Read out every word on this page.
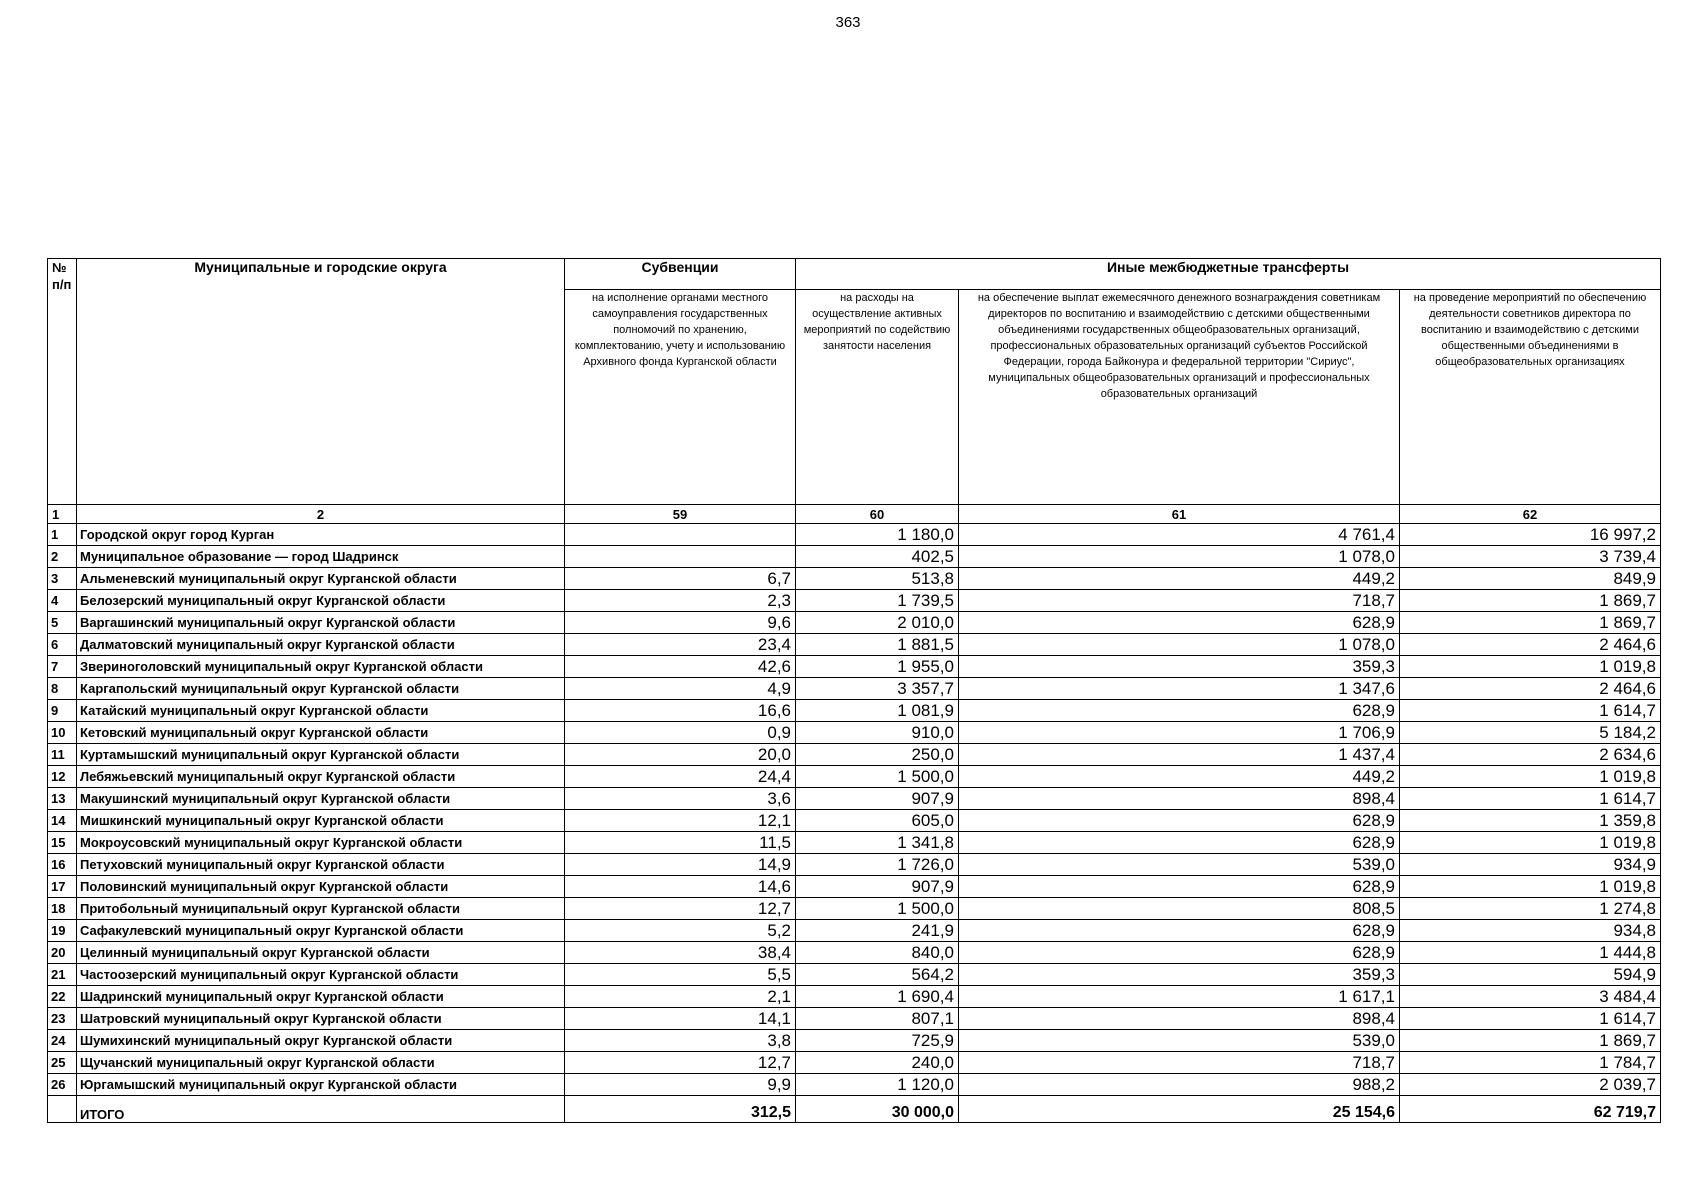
363
№ п/п	Муниципальные и городские округа	Субвенции	Иные межбюджетные трансферты		
		на исполнение органами местного самоуправления государственных полномочий по хранению, комплектованию, учету и использованию Архивного фонда Курганской области	на расходы на осуществление активных мероприятий по содействию занятости населения	на обеспечение выплат ежемесячного денежного вознаграждения советникам директоров по воспитанию и взаимодействию с детскими общественными объединениями государственных общеобразовательных организаций, профессиональных образовательных организаций субъектов Российской Федерации, города Байконура и федеральной территории "Сириус", муниципальных общеобразовательных организаций и профессиональных образовательных организаций	на проведение мероприятий по обеспечению деятельности советников директора по воспитанию и взаимодействию с детскими общественными объединениями в общеобразовательных организациях
1	2	59	60	61	62
1	Городской округ город Курган		1 180,0	4 761,4	16 997,2
2	Муниципальное образование — город Шадринск		402,5	1 078,0	3 739,4
3	Альменевский муниципальный округ Курганской области	6,7	513,8	449,2	849,9
4	Белозерский муниципальный округ Курганской области	2,3	1 739,5	718,7	1 869,7
5	Варгашинский муниципальный округ Курганской области	9,6	2 010,0	628,9	1 869,7
6	Далматовский муниципальный округ Курганской области	23,4	1 881,5	1 078,0	2 464,6
7	Звериноголовский муниципальный округ Курганской области	42,6	1 955,0	359,3	1 019,8
8	Каргапольский муниципальный округ Курганской области	4,9	3 357,7	1 347,6	2 464,6
9	Катайский муниципальный округ Курганской области	16,6	1 081,9	628,9	1 614,7
10	Кетовский муниципальный округ Курганской области	0,9	910,0	1 706,9	5 184,2
11	Куртамышский муниципальный округ Курганской области	20,0	250,0	1 437,4	2 634,6
12	Лебяжьевский муниципальный округ Курганской области	24,4	1 500,0	449,2	1 019,8
13	Макушинский муниципальный округ Курганской области	3,6	907,9	898,4	1 614,7
14	Мишкинский муниципальный округ Курганской области	12,1	605,0	628,9	1 359,8
15	Мокроусовский муниципальный округ Курганской области	11,5	1 341,8	628,9	1 019,8
16	Петуховский муниципальный округ Курганской области	14,9	1 726,0	539,0	934,9
17	Половинский муниципальный округ Курганской области	14,6	907,9	628,9	1 019,8
18	Притобольный муниципальный округ Курганской области	12,7	1 500,0	808,5	1 274,8
19	Сафакулевский муниципальный округ Курганской области	5,2	241,9	628,9	934,8
20	Целинный муниципальный округ Курганской области	38,4	840,0	628,9	1 444,8
21	Частоозерский муниципальный округ Курганской области	5,5	564,2	359,3	594,9
22	Шадринский муниципальный округ Курганской области	2,1	1 690,4	1 617,1	3 484,4
23	Шатровский муниципальный округ Курганской области	14,1	807,1	898,4	1 614,7
24	Шумихинский муниципальный округ Курганской области	3,8	725,9	539,0	1 869,7
25	Щучанский муниципальный округ Курганской области	12,7	240,0	718,7	1 784,7
26	Юргамышский муниципальный округ Курганской области	9,9	1 120,0	988,2	2 039,7
	ИТОГО	312,5	30 000,0	25 154,6	62 719,7
